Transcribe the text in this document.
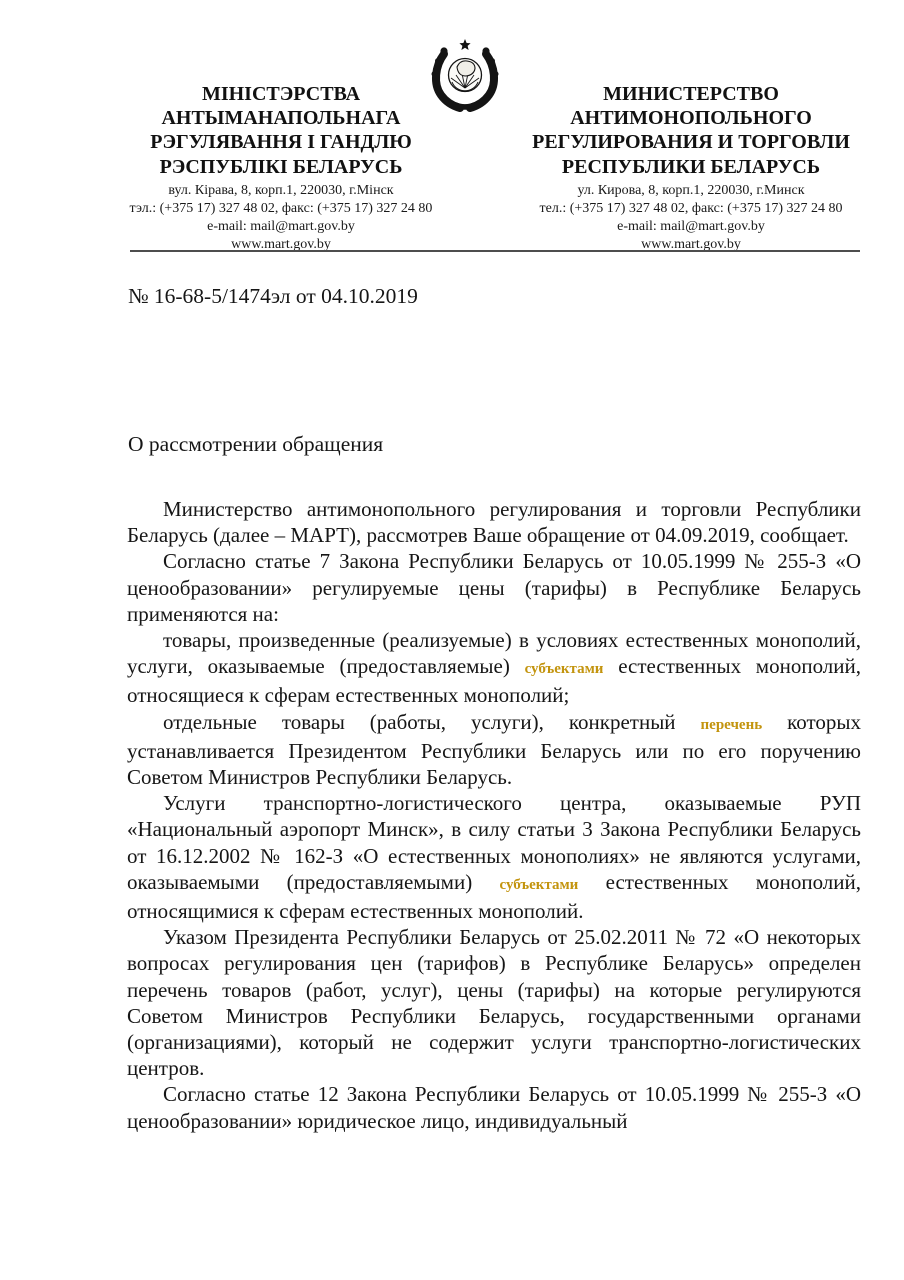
МІНІСТЭРСТВА
АНТЫМАНАПОЛЬНАГА
РЭГУЛЯВАННЯ І ГАНДЛЮ
РЭСПУБЛІКІ БЕЛАРУСЬ
вул. Кірава, 8, корп.1, 220030, г.Мінск
тэл.: (+375 17) 327 48 02, факс: (+375 17) 327 24 80
e-mail: mail@mart.gov.by
www.mart.gov.by
МИНИСТЕРСТВО
АНТИМОНОПОЛЬНОГО
РЕГУЛИРОВАНИЯ И ТОРГОВЛИ
РЕСПУБЛИКИ БЕЛАРУСЬ
ул. Кирова, 8, корп.1, 220030, г.Минск
тел.: (+375 17) 327 48 02, факс: (+375 17) 327 24 80
e-mail: mail@mart.gov.by
www.mart.gov.by
№ 16-68-5/1474эл от 04.10.2019
О рассмотрении обращения

Министерство антимонопольного регулирования и торговли Республики Беларусь (далее – МАРТ), рассмотрев Ваше обращение от 04.09.2019, сообщает.

Согласно статье 7 Закона Республики Беларусь от 10.05.1999 № 255-З «О ценообразовании» регулируемые цены (тарифы) в Республике Беларусь применяются на:

товары, произведенные (реализуемые) в условиях естественных монополий, услуги, оказываемые (предоставляемые) субъектами естественных монополий, относящиеся к сферам естественных монополий;

отдельные товары (работы, услуги), конкретный перечень которых устанавливается Президентом Республики Беларусь или по его поручению Советом Министров Республики Беларусь.

Услуги транспортно-логистического центра, оказываемые РУП «Национальный аэропорт Минск», в силу статьи 3 Закона Республики Беларусь от 16.12.2002 № 162-З «О естественных монополиях» не являются услугами, оказываемыми (предоставляемыми) субъектами естественных монополий, относящимися к сферам естественных монополий.

Указом Президента Республики Беларусь от 25.02.2011 № 72 «О некоторых вопросах регулирования цен (тарифов) в Республике Беларусь» определен перечень товаров (работ, услуг), цены (тарифы) на которые регулируются Советом Министров Республики Беларусь, государственными органами (организациями), который не содержит услуги транспортно-логистических центров.

Согласно статье 12 Закона Республики Беларусь от 10.05.1999 № 255-З «О ценообразовании» юридическое лицо, индивидуальный
